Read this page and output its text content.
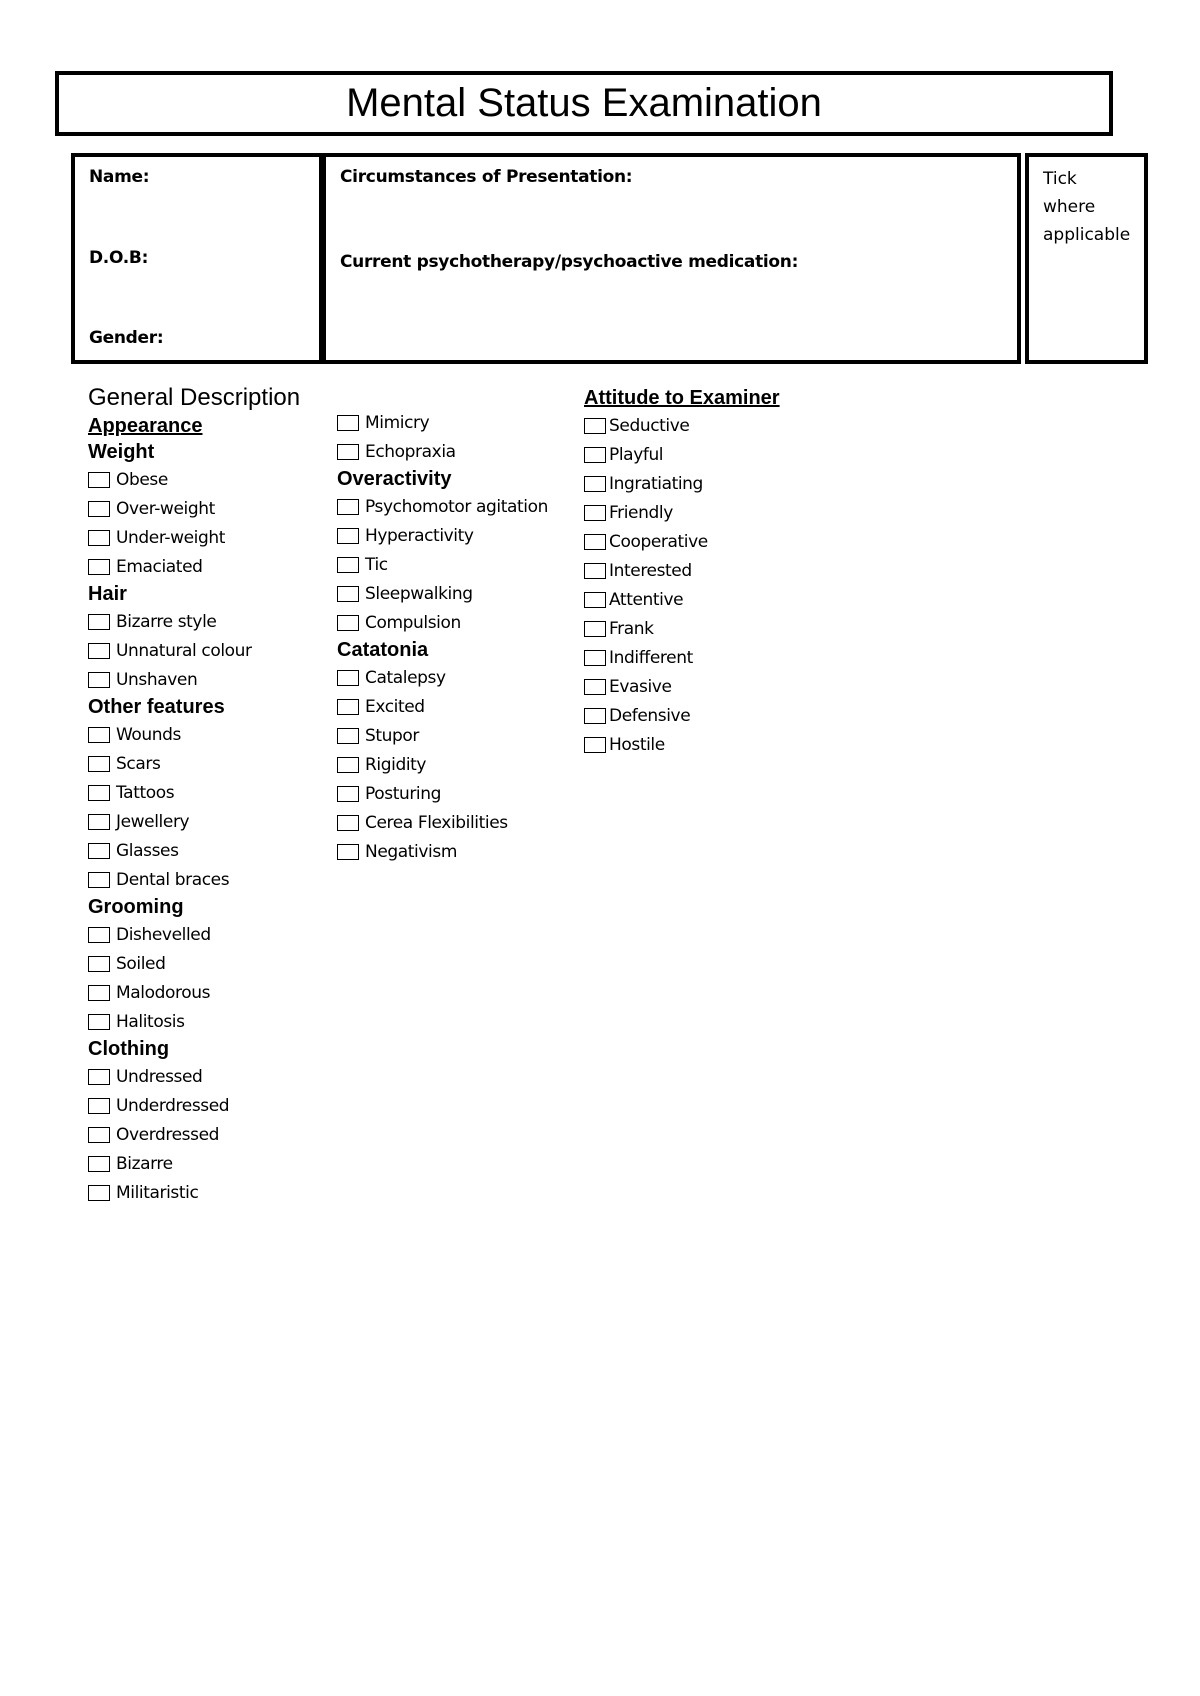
Mental Status Examination
Name:
D.O.B:
Gender:
Circumstances of Presentation:
Current psychotherapy/psychoactive medication:
Tick
where
applicable
General Description
Appearance
Weight
Obese
Over-weight
Under-weight
Emaciated
Hair
Bizarre style
Unnatural colour
Unshaven
Other features
Wounds
Scars
Tattoos
Jewellery
Glasses
Dental braces
Grooming
Dishevelled
Soiled
Malodorous
Halitosis
Clothing
Undressed
Underdressed
Overdressed
Bizarre
Militaristic
Mimicry
Echopraxia
Overactivity
Psychomotor agitation
Hyperactivity
Tic
Sleepwalking
Compulsion
Catatonia
Catalepsy
Excited
Stupor
Rigidity
Posturing
Cerea Flexibilities
Negativism
Attitude to Examiner
Seductive
Playful
Ingratiating
Friendly
Cooperative
Interested
Attentive
Frank
Indifferent
Evasive
Defensive
Hostile
